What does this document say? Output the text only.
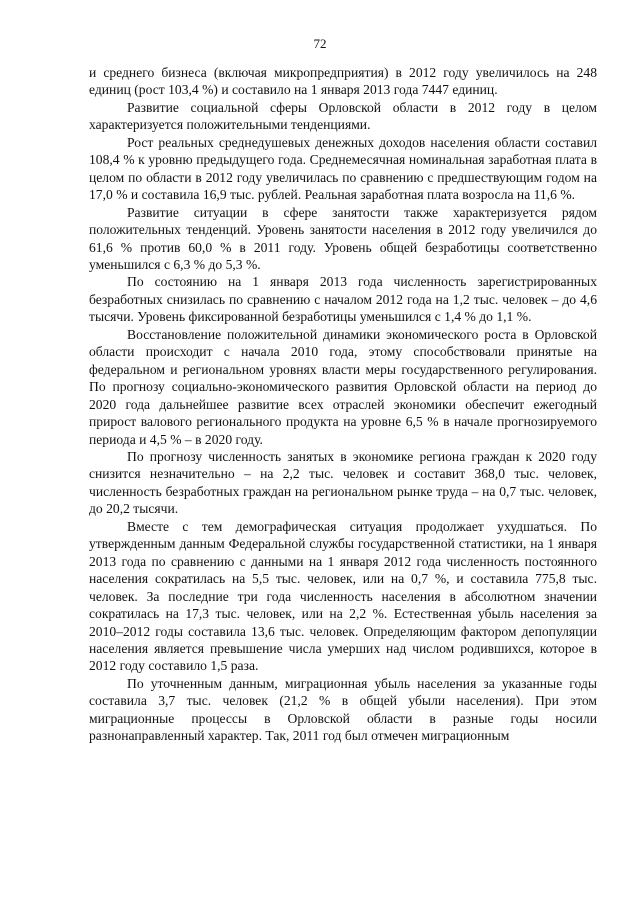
72

и среднего бизнеса (включая микропредприятия) в 2012 году увеличилось на 248 единиц (рост 103,4 %) и составило на 1 января 2013 года 7447 единиц.

Развитие социальной сферы Орловской области в 2012 году в целом характеризуется положительными тенденциями.

Рост реальных среднедушевых денежных доходов населения области составил 108,4 % к уровню предыдущего года. Среднемесячная номинальная заработная плата в целом по области в 2012 году увеличилась по сравнению с предшествующим годом на 17,0 % и составила 16,9 тыс. рублей. Реальная заработная плата возросла на 11,6 %.

Развитие ситуации в сфере занятости также характеризуется рядом положительных тенденций. Уровень занятости населения в 2012 году увеличился до 61,6 % против 60,0 % в 2011 году. Уровень общей безработицы соответственно уменьшился с 6,3 % до 5,3 %.

По состоянию на 1 января 2013 года численность зарегистрированных безработных снизилась по сравнению с началом 2012 года на 1,2 тыс. человек – до 4,6 тысячи. Уровень фиксированной безработицы уменьшился с 1,4 % до 1,1 %.

Восстановление положительной динамики экономического роста в Орловской области происходит с начала 2010 года, этому способствовали принятые на федеральном и региональном уровнях власти меры государственного регулирования. По прогнозу социально-экономического развития Орловской области на период до 2020 года дальнейшее развитие всех отраслей экономики обеспечит ежегодный прирост валового регионального продукта на уровне 6,5 % в начале прогнозируемого периода и 4,5 % – в 2020 году.

По прогнозу численность занятых в экономике региона граждан к 2020 году снизится незначительно – на 2,2 тыс. человек и составит 368,0 тыс. человек, численность безработных граждан на региональном рынке труда – на 0,7 тыс. человек, до 20,2 тысячи.

Вместе с тем демографическая ситуация продолжает ухудшаться. По утвержденным данным Федеральной службы государственной статистики, на 1 января 2013 года по сравнению с данными на 1 января 2012 года численность постоянного населения сократилась на 5,5 тыс. человек, или на 0,7 %, и составила 775,8 тыс. человек. За последние три года численность населения в абсолютном значении сократилась на 17,3 тыс. человек, или на 2,2 %. Естественная убыль населения за 2010–2012 годы составила 13,6 тыс. человек. Определяющим фактором депопуляции населения является превышение числа умерших над числом родившихся, которое в 2012 году составило 1,5 раза.

По уточненным данным, миграционная убыль населения за указанные годы составила 3,7 тыс. человек (21,2 % в общей убыли населения). При этом миграционные процессы в Орловской области в разные годы носили разнонаправленный характер. Так, 2011 год был отмечен миграционным
